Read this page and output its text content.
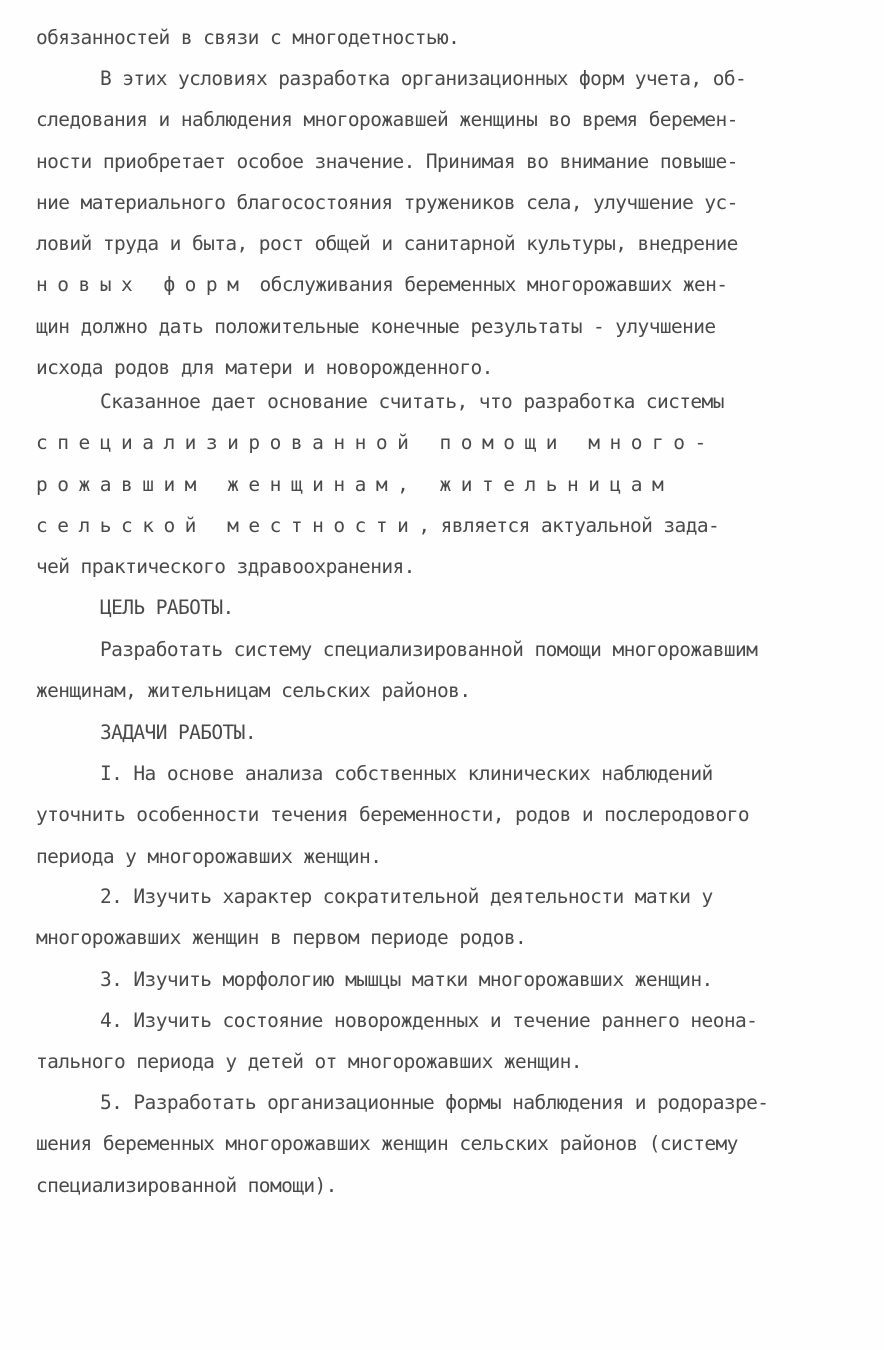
обязанностей в связи с многодетностью.

В этих условиях разработка организационных форм учета, об-
следования и наблюдения многорожавшей женщины во время беремен-
ности приобретает особое значение. Принимая во внимание повыше-
ние материального благосостояния тружеников села, улучшение ус-
ловий труда и быта, рост общей и санитарной культуры, внедрение
новых форм обслуживания беременных многорожавших жен-
щин должно дать положительные конечные результаты - улучшение
исхода родов для матери и новорожденного.

Сказанное дает основание считать, что разработка системы
специализированной помощи много-
рожавшим женщинам, жительницам
сельской местности, является актуальной зада-
чей практического здравоохранения.

ЦЕЛЬ РАБОТЫ.

Разработать систему специализированной помощи многорожавшим
женщинам, жительницам сельских районов.

ЗАДАЧИ РАБОТЫ.

I. На основе анализа собственных клинических наблюдений
уточнить особенности течения беременности, родов и послеродового
периода у многорожавших женщин.

2. Изучить характер сократительной деятельности матки у
многорожавших женщин в первом периоде родов.

3. Изучить морфологию мышцы матки многорожавших женщин.

4. Изучить состояние новорожденных и течение раннего неона-
тального периода у детей от многорожавших женщин.

5. Разработать организационные формы наблюдения и родоразре-
шения беременных многорожавших женщин сельских районов (систему
специализированной помощи).
